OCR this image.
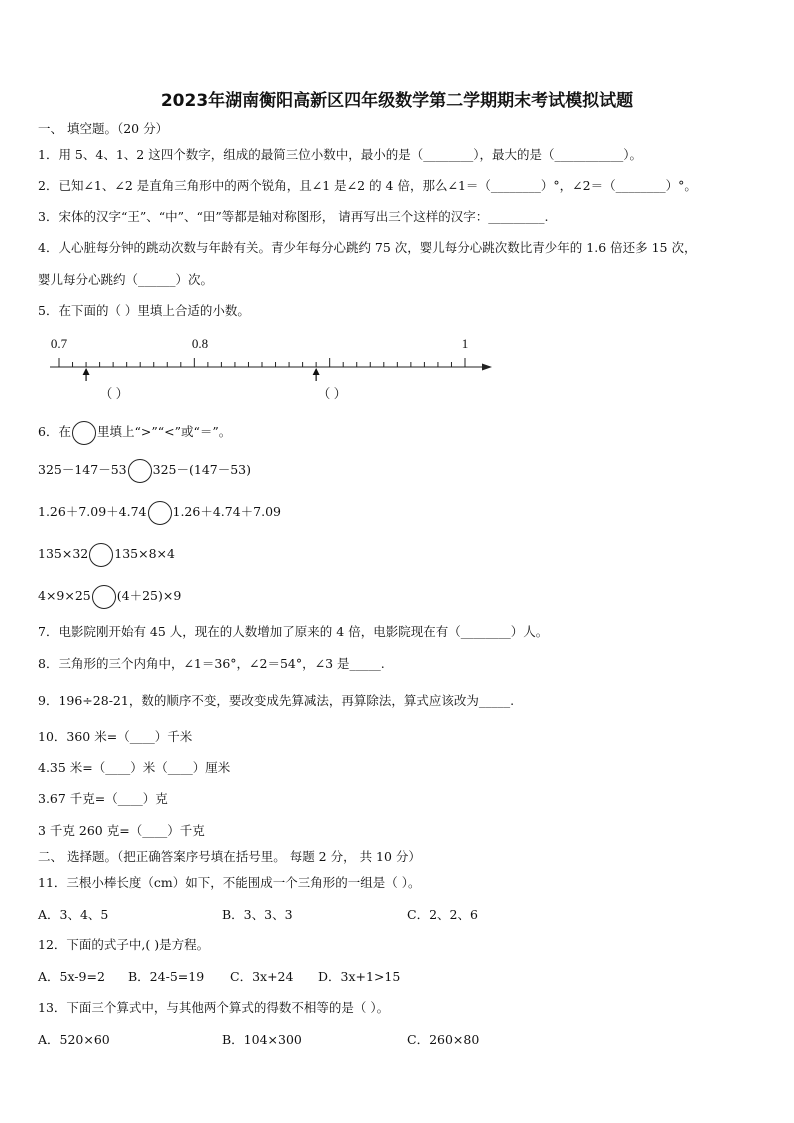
2023年湖南衡阳高新区四年级数学第二学期期末考试模拟试题
一、 填空题。（20 分）
1．用 5、4、1、2 这四个数字，组成的最简三位小数中，最小的是（________），最大的是（___________）。
2．已知∠1、∠2 是直角三角形中的两个锐角，且∠1 是∠2 的 4 倍，那么∠1＝（________）°，∠2＝（________）°。
3．宋体的汉字“王”、“中”、“田”等都是轴对称图形， 请再写出三个这样的汉字：_________.
4．人心脏每分钟的跳动次数与年龄有关。青少年每分心跳约 75 次，婴儿每分心跳次数比青少年的 1.6 倍还多 15 次，
婴儿每分心跳约（______）次。
5．在下面的（ ）里填上合适的小数。
0.7	0.8	1
（ ）	（ ）
6．在 里填上“>”“<”或“＝”。
325－147－53 325－(147－53)
1.26＋7.09＋4.74 1.26＋4.74＋7.09
135×32 135×8×4
4×9×25 (4＋25)×9
7．电影院刚开始有 45 人，现在的人数增加了原来的 4 倍，电影院现在有（________）人。
8．三角形的三个内角中，∠1＝36°，∠2＝54°，∠3 是_____.
9．196÷28-21，数的顺序不变，要改变成先算减法，再算除法，算式应该改为_____.
10．360 米=（____）千米
4.35 米=（____）米（____）厘米
3.67 千克=（____）克
3 千克 260 克=（____）千克
二、 选择题。（把正确答案序号填在括号里。 每题 2 分， 共 10 分）
11．三根小棒长度（cm）如下，不能围成一个三角形的一组是（ ）。
A．3、4、5	B．3、3、3	C．2、2、6
12．下面的式子中,( )是方程。
A．5x-9=2 B．24-5=19 C．3x+24 D．3x+1>15
13．下面三个算式中，与其他两个算式的得数不相等的是（ ）。
A．520×60	B．104×300	C．260×80
